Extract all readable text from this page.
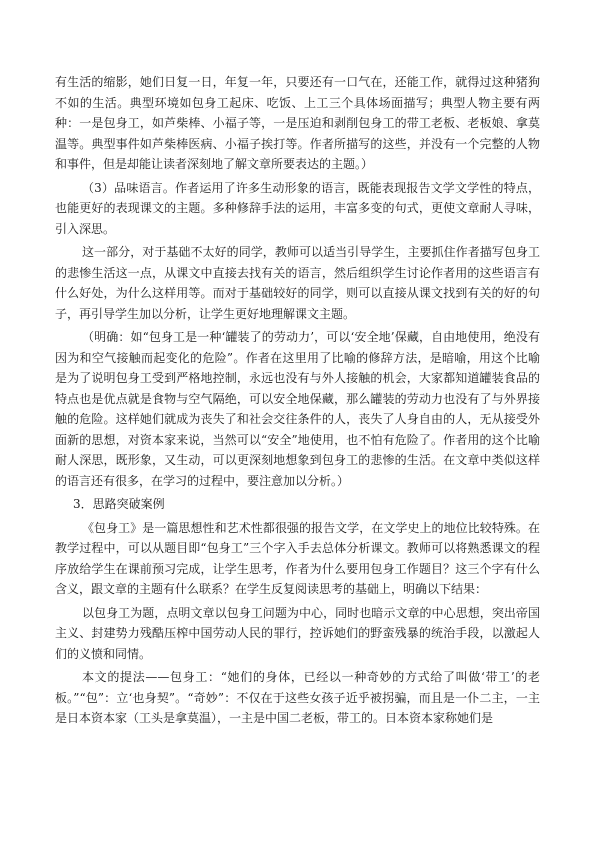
有生活的缩影，她们日复一日，年复一年，只要还有一口气在，还能工作，就得过这种猪狗不如的生活。典型环境如包身工起床、吃饭、上工三个具体场面描写；典型人物主要有两种：一是包身工，如芦柴棒、小福子等，一是压迫和剥削包身工的带工老板、老板娘、拿莫温等。典型事件如芦柴棒医病、小福子挨打等。作者所描写的这些，并没有一个完整的人物和事件，但是却能让读者深刻地了解文章所要表达的主题。）

（3）品味语言。作者运用了许多生动形象的语言，既能表现报告文学文学性的特点，也能更好的表现课文的主题。多种修辞手法的运用，丰富多变的句式，更使文章耐人寻味，引入深思。

这一部分，对于基础不太好的同学，教师可以适当引导学生，主要抓住作者描写包身工的悲惨生活这一点，从课文中直接去找有关的语言，然后组织学生讨论作者用的这些语言有什么好处，为什么这样用等。而对于基础较好的同学，则可以直接从课文找到有关的好的句子，再引导学生加以分析，让学生更好地理解课文主题。

（明确：如“包身工是一种‘罐装了的劳动力’，可以‘安全地’保藏，自由地使用，绝没有因为和空气接触而起变化的危险”。作者在这里用了比喻的修辞方法，是暗喻，用这个比喻是为了说明包身工受到严格地控制，永远也没有与外人接触的机会，大家都知道罐装食品的特点也是优点就是食物与空气隔绝，可以安全地保藏，那么罐装的劳动力也没有了与外界接触的危险。这样她们就成为丧失了和社会交往条件的人，丧失了人身自由的人，无从接受外面新的思想，对资本家来说，当然可以“安全”地使用，也不怕有危险了。作者用的这个比喻耐人深思，既形象，又生动，可以更深刻地想象到包身工的悲惨的生活。在文章中类似这样的语言还有很多，在学习的过程中，要注意加以分析。）

3．思路突破案例

《包身工》是一篇思想性和艺术性都很强的报告文学，在文学史上的地位比较特殊。在教学过程中，可以从题目即“包身工”三个字入手去总体分析课文。教师可以将熟悉课文的程序放给学生在课前预习完成，让学生思考，作者为什么要用包身工作题目？这三个字有什么含义，跟文章的主题有什么联系？在学生反复阅读思考的基础上，明确以下结果：

以包身工为题，点明文章以包身工问题为中心，同时也暗示文章的中心思想，突出帝国主义、封建势力残酷压榨中国劳动人民的罪行，控诉她们的野蛮残暴的统治手段，以激起人们的义愤和同情。

本文的提法——包身工：“她们的身体，已经以一种奇妙的方式给了叫做‘带工’的老板。”“包”：立‘也身契”。“奇妙”：不仅在于这些女孩子近乎被拐骗，而且是一仆二主，一主是日本资本家（工头是拿莫温），一主是中国二老板，带工的。日本资本家称她们是
